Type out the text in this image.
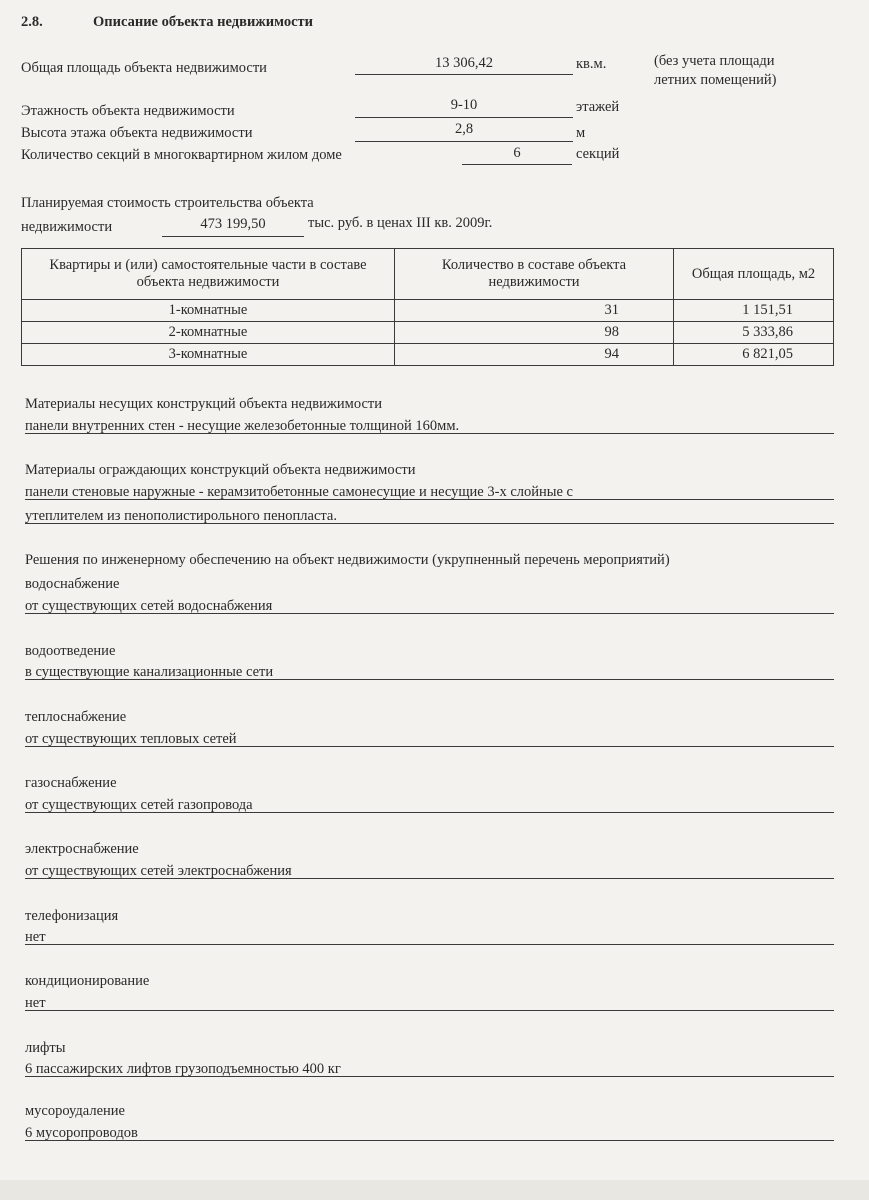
2.8.	Описание объекта недвижимости
Общая площадь объекта недвижимости	13 306,42	кв.м.	(без учета площади
летних помещений)
Этажность объекта недвижимости	9-10	этажей
Высота этажа объекта недвижимости	2,8	м
Количество секций в многоквартирном жилом доме	6	секций
Планируемая стоимость строительства объекта
недвижимости	473 199,50	тыс. руб. в ценах III кв. 2009г.
Квартиры и (или) самостоятельные части в составе объекта недвижимости	Количество в составе объекта недвижимости	Общая площадь, м2
1-комнатные	31	1 151,51
2-комнатные	98	5 333,86
3-комнатные	94	6 821,05
Материалы несущих конструкций объекта недвижимости
панели внутренних стен - несущие железобетонные толщиной 160мм.
Материалы ограждающих конструкций объекта недвижимости
панели стеновые наружные - керамзитобетонные самонесущие и несущие 3-х слойные с
утеплителем из пенополистирольного пенопласта.
Решения по инженерному обеспечению на объект недвижимости (укрупненный перечень мероприятий)
водоснабжение
от существующих сетей водоснабжения
водоотведение
в существующие канализационные сети
теплоснабжение
от существующих тепловых сетей
газоснабжение
от существующих сетей газопровода
электроснабжение
от существующих сетей электроснабжения
телефонизация
нет
кондиционирование
нет
лифты
6 пассажирских лифтов грузоподъемностью 400 кг
мусороудаление
6 мусоропроводов
